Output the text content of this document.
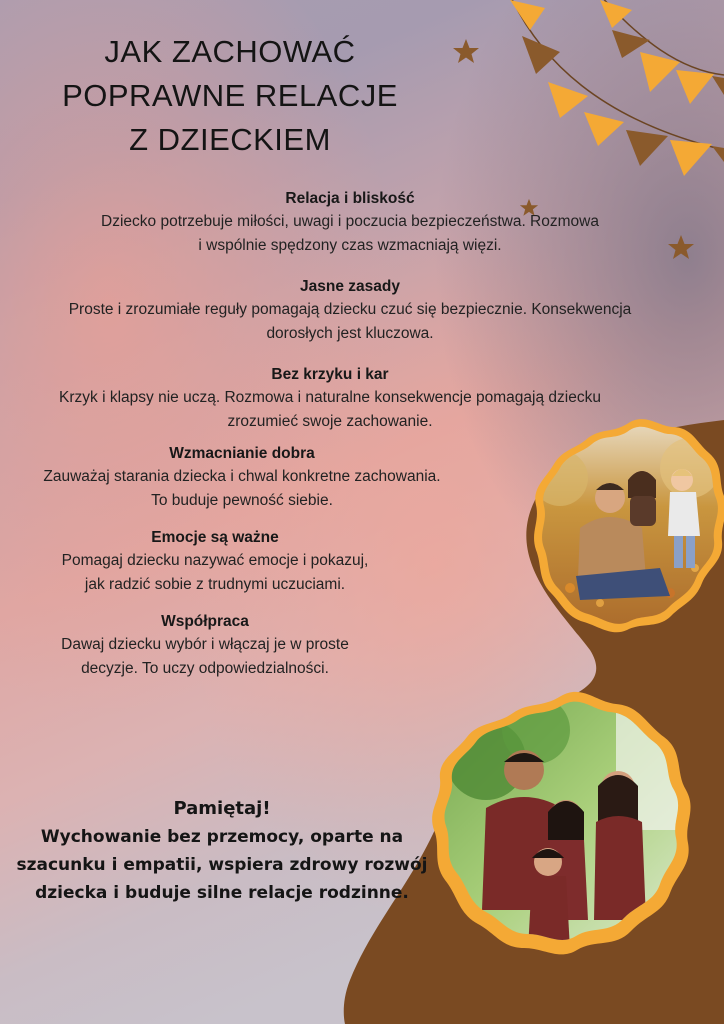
JAK ZACHOWAĆ
POPRAWNE RELACJE
Z DZIECKIEM
Relacja i bliskość
Dziecko potrzebuje miłości, uwagi i poczucia bezpieczeństwa. Rozmowa
i wspólnie spędzony czas wzmacniają więzi.
Jasne zasady
Proste i zrozumiałe reguły pomagają dziecku czuć się bezpiecznie. Konsekwencja
dorosłych jest kluczowa.
Bez krzyku i kar
Krzyk i klapsy nie uczą. Rozmowa i naturalne konsekwencje pomagają dziecku
zrozumieć swoje zachowanie.
Wzmacnianie dobra
Zauważaj starania dziecka i chwal konkretne zachowania.
To buduje pewność siebie.
Emocje są ważne
Pomagaj dziecku nazywać emocje i pokazuj,
jak radzić sobie z trudnymi uczuciami.
Współpraca
Dawaj dziecku wybór i włączaj je w proste
decyzje. To uczy odpowiedzialności.
Pamiętaj!
Wychowanie bez przemocy, oparte na
szacunku i empatii, wspiera zdrowy rozwój
dziecka i buduje silne relacje rodzinne.
